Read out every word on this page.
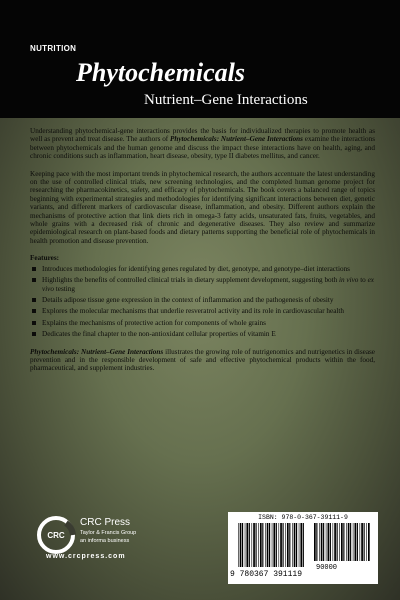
NUTRITION
Phytochemicals
Nutrient–Gene Interactions

Understanding phytochemical-gene interactions provides the basis for individualized therapies to promote health as well as prevent and treat disease. The authors of Phytochemicals: Nutrient–Gene Interactions examine the interactions between phytochemicals and the human genome and discuss the impact these interactions have on health, aging, and chronic conditions such as inflammation, heart disease, obesity, type II diabetes mellitus, and cancer.

Keeping pace with the most important trends in phytochemical research, the authors accentuate the latest understanding on the use of controlled clinical trials, new screening technologies, and the completed human genome project for researching the pharmacokinetics, safety, and efficacy of phytochemicals. The book covers a balanced range of topics beginning with experimental strategies and methodologies for identifying significant interactions between diet, genetic variants, and different markers of cardiovascular disease, inflammation, and obesity. Different authors explain the mechanisms of protective action that link diets rich in omega-3 fatty acids, unsaturated fats, fruits, vegetables, and whole grains with a decreased risk of chronic and degenerative diseases. They also review and summarize epidemiological research on plant-based foods and dietary patterns supporting the beneficial role of phytochemicals in health promotion and disease prevention.

Features:
Introduces methodologies for identifying genes regulated by diet, genotype, and genotype–diet interactions
Highlights the benefits of controlled clinical trials in dietary supplement development, suggesting both in vivo to ex vivo testing
Details adipose tissue gene expression in the context of inflammation and the pathogenesis of obesity
Explores the molecular mechanisms that underlie resveratrol activity and its role in cardiovascular health
Explains the mechanisms of protective action for components of whole grains
Dedicates the final chapter to the non-antioxidant cellular properties of vitamin E

Phytochemicals: Nutrient–Gene Interactions illustrates the growing role of nutrigenomics and nutrigenetics in disease prevention and in the responsible development of safe and effective phytochemical products within the food, pharmaceutical, and supplement industries.

CRC
CRC Press
Taylor & Francis Group
an informa business
www.crcpress.com
ISBN: 978-0-367-39111-9
9 780367 391119
90000
